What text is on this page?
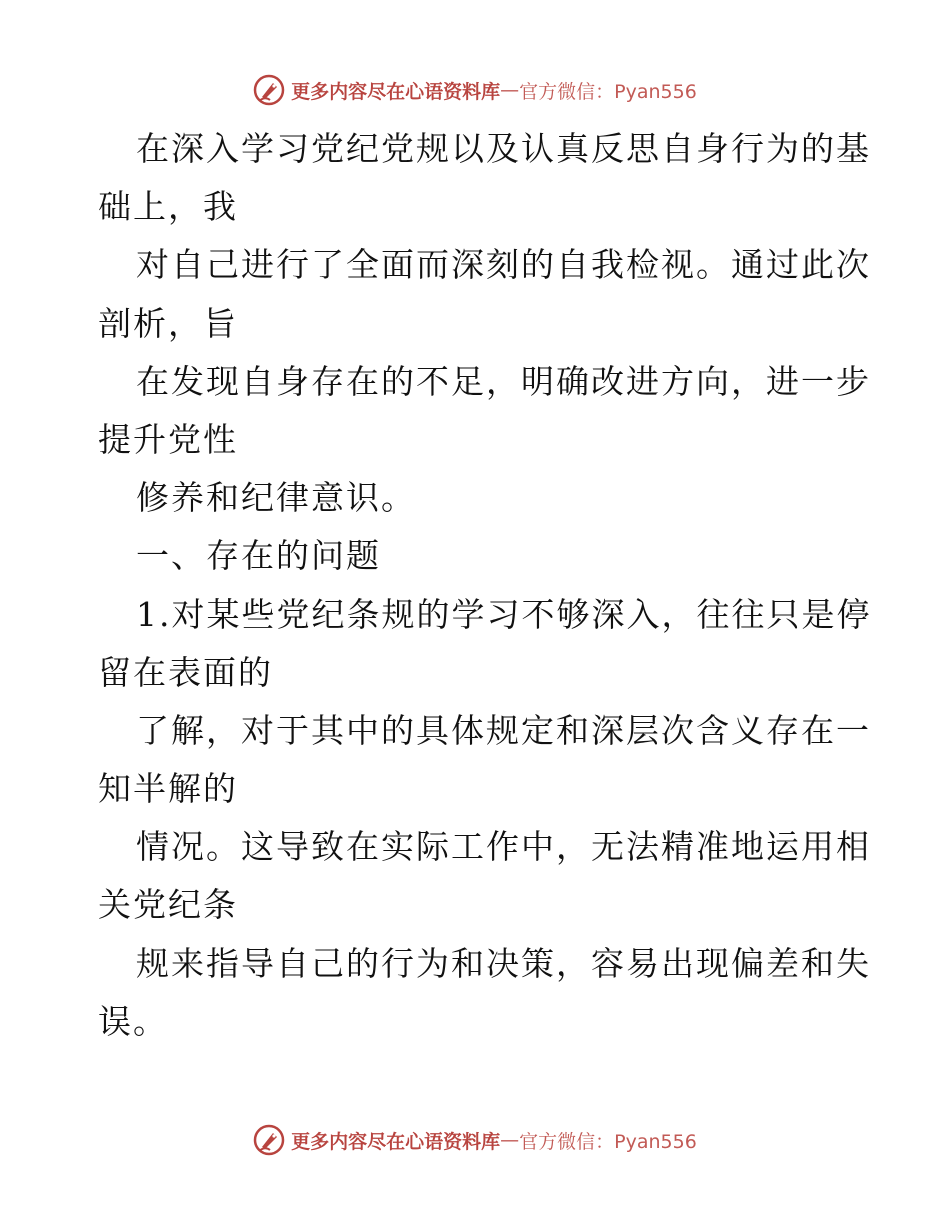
更多内容尽在心语资料库 — 官方微信：Pyan556
在深入学习党纪党规以及认真反思自身行为的基
础上，我
对自己进行了全面而深刻的自我检视。通过此次
剖析，旨
在发现自身存在的不足，明确改进方向，进一步
提升党性
修养和纪律意识。
一、存在的问题
1.对某些党纪条规的学习不够深入，往往只是停
留在表面的
了解，对于其中的具体规定和深层次含义存在一
知半解的
情况。这导致在实际工作中，无法精准地运用相
关党纪条
规来指导自己的行为和决策，容易出现偏差和失
误。
更多内容尽在心语资料库 — 官方微信：Pyan556
